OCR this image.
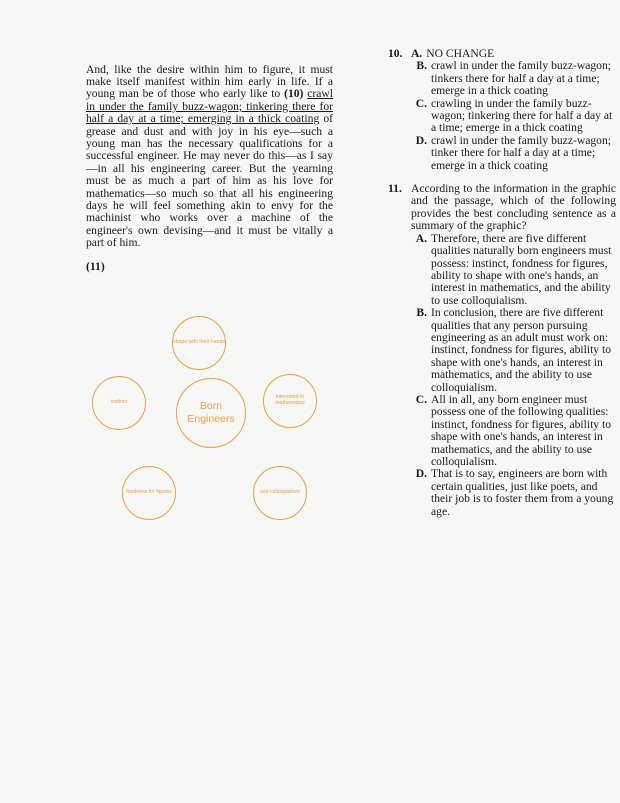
And, like the desire within him to figure, it must make itself manifest within him early in life. If a young man be of those who early like to (10) crawl in under the family buzz-wagon; tinkering there for half a day at a time; emerging in a thick coating of grease and dust and with joy in his eye—such a young man has the necessary qualifications for a successful engineer. He may never do this—as I say—in all his engineering career. But the yearning must be as much a part of him as his love for mathematics—so much so that all his engineering days he will feel something akin to envy for the machinist who works over a machine of the engineer's own devising—and it must be vitally a part of him.

(11)
shape with their hands
instinct	Born Engineers
interested in mathematics
fondness for figures	use colloquialism
10. A. NO CHANGE
B. crawl in under the family buzz-wagon; tinkers there for half a day at a time; emerge in a thick coating
C. crawling in under the family buzz-wagon; tinkering there for half a day at a time; emerge in a thick coating
D. crawl in under the family buzz-wagon; tinker there for half a day at a time; emerge in a thick coating
11. According to the information in the graphic and the passage, which of the following provides the best concluding sentence as a summary of the graphic?
A. Therefore, there are five different qualities naturally born engineers must possess: instinct, fondness for figures, ability to shape with one's hands, an interest in mathematics, and the ability to use colloquialism.
B. In conclusion, there are five different qualities that any person pursuing engineering as an adult must work on: instinct, fondness for figures, ability to shape with one's hands, an interest in mathematics, and the ability to use colloquialism.
C. All in all, any born engineer must possess one of the following qualities: instinct, fondness for figures, ability to shape with one's hands, an interest in mathematics, and the ability to use colloquialism.
D. That is to say, engineers are born with certain qualities, just like poets, and their job is to foster them from a young age.
